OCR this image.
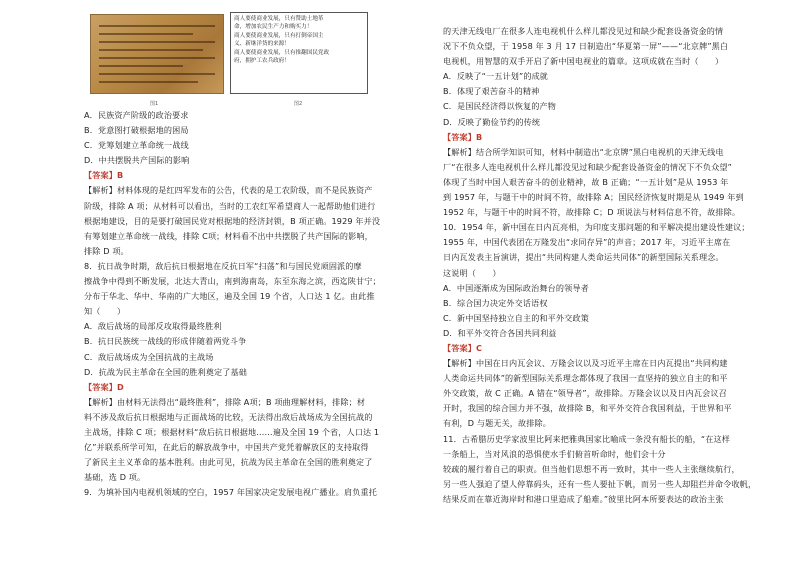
图1
商人要使商业发展，只有赞助土地革
命，增加农民生产力和购买力！
商人要使商业发展，只有打倒帝国主
义、新继洋货的来源！
商人要使商业发展，只有推翻国民党政
府，拥护工农兵政府！
图2
A．民族资产阶级的政治要求
B．党意图打破根据地的困局
C．党筹划建立革命统一战线
D．中共摆脱共产国际的影响
【答案】B
【解析】材料体现的是红四军发布的公告，代表的是工农阶级，而不是民族资产
阶级，排除 A 项；从材料可以看出，当时的工农红军希望商人一起帮助他们进行
根据地建设，目的是要打破国民党对根据地的经济封锁，B 项正确。1929 年并没
有筹划建立革命统一战线，排除 C项；材料看不出中共摆脱了共产国际的影响，
排除 D 项。
8．抗日战争时期，敌后抗日根据地在反抗日军“扫荡”和与国民党顽固派的摩
擦战争中得到不断发展，北达大青山，南到海南岛，东至东海之滨，西迄陕甘宁；
分布于华北、华中、华南的广大地区，遍及全国 19 个省，人口达 1 亿。由此推
知（　　）
A．敌后战场的局部反攻取得最终胜利
B．抗日民族统一战线的形成伴随着两党斗争
C．敌后战场成为全国抗战的主战场
D．抗战为民主革命在全国的胜利奠定了基础
【答案】D
【解析】由材料无法得出“最终胜利”，排除 A项；B 项曲理解材料，排除；材
料不涉及敌后抗日根据地与正面战场的比较，无法得出敌后战场成为全国抗战的
主战场，排除 C 项；根据材料“敌后抗日根据地……遍及全国 19 个省，人口达 1
亿”并联系所学可知，在此后的解放战争中，中国共产党凭着解放区的支持取得
了新民主主义革命的基本胜利。由此可见，抗战为民主革命在全国的胜利奠定了
基础，选 D 项。
9．为填补国内电视机领域的空白，1957 年国家决定发展电视广播业。肩负重托
的天津无线电厂在很多人连电视机什么样儿都没见过和缺少配套设备资金的情
况下不负众望，于 1958 年 3 月 17 日制造出“华夏第一屏”——“北京牌”黑白
电视机，用智慧的双手开启了新中国电视业的篇章。这项成就在当时（　　）
A．反映了“一五计划”的成就
B．体现了艰苦奋斗的精神
C．是国民经济得以恢复的产物
D．反映了勤俭节约的传统
【答案】B
【解析】结合所学知识可知，材料中制造出“北京牌”黑白电视机的天津无线电
厂“在很多人连电视机什么样儿都没见过和缺少配套设备资金的情况下不负众望”
体现了当时中国人艰苦奋斗的创业精神，故 B 正确；“一五计划”是从 1953 年
到 1957 年，与题干中的时间不符，故排除 A；国民经济恢复时期是从 1949 年到
1952 年，与题干中的时间不符，故排除 C；D 项说法与材料信息不符，故排除。
10．1954 年，新中国在日内瓦亮相，为印度支那问题的和平解决提出建设性建议；
1955 年，中国代表团在万隆发出“求同存异”的声音；2017 年，习近平主席在
日内瓦发表主旨演讲，提出“共同构建人类命运共同体”的新型国际关系理念。
这说明（　　）
A．中国逐渐成为国际政治舞台的领导者
B．综合国力决定外交话语权
C．新中国坚持独立自主的和平外交政策
D．和平外交符合各国共同利益
【答案】C
【解析】中国在日内瓦会议、万隆会议以及习近平主席在日内瓦提出“共同构建
人类命运共同体”的新型国际关系理念都体现了我国一直坚持的独立自主的和平
外交政策，故 C 正确。A 错在“领导者”，故排除。万隆会议以及日内瓦会议召
开时，我国的综合国力并不强，故排除 B，和平外交符合我国利益，于世界和平
有利，D 与题无关，故排除。
11．古希腊历史学家波里比阿来把雅典国家比喻成一条没有船长的船，“在这样
一条船上，当对风浪的恐惧使水手们俯首听命时，他们会十分
较疏的履行着自己的职责。但当他们思想不再一致时，其中一些人主张继续航行，
另一些人强迫了望人停靠码头，还有一些人要扯下帆，而另一些人却阻拦并命令收帆，
结果反而在靠近海岸时和港口里造成了船难。”彼里比阿本所要表达的政治主张
